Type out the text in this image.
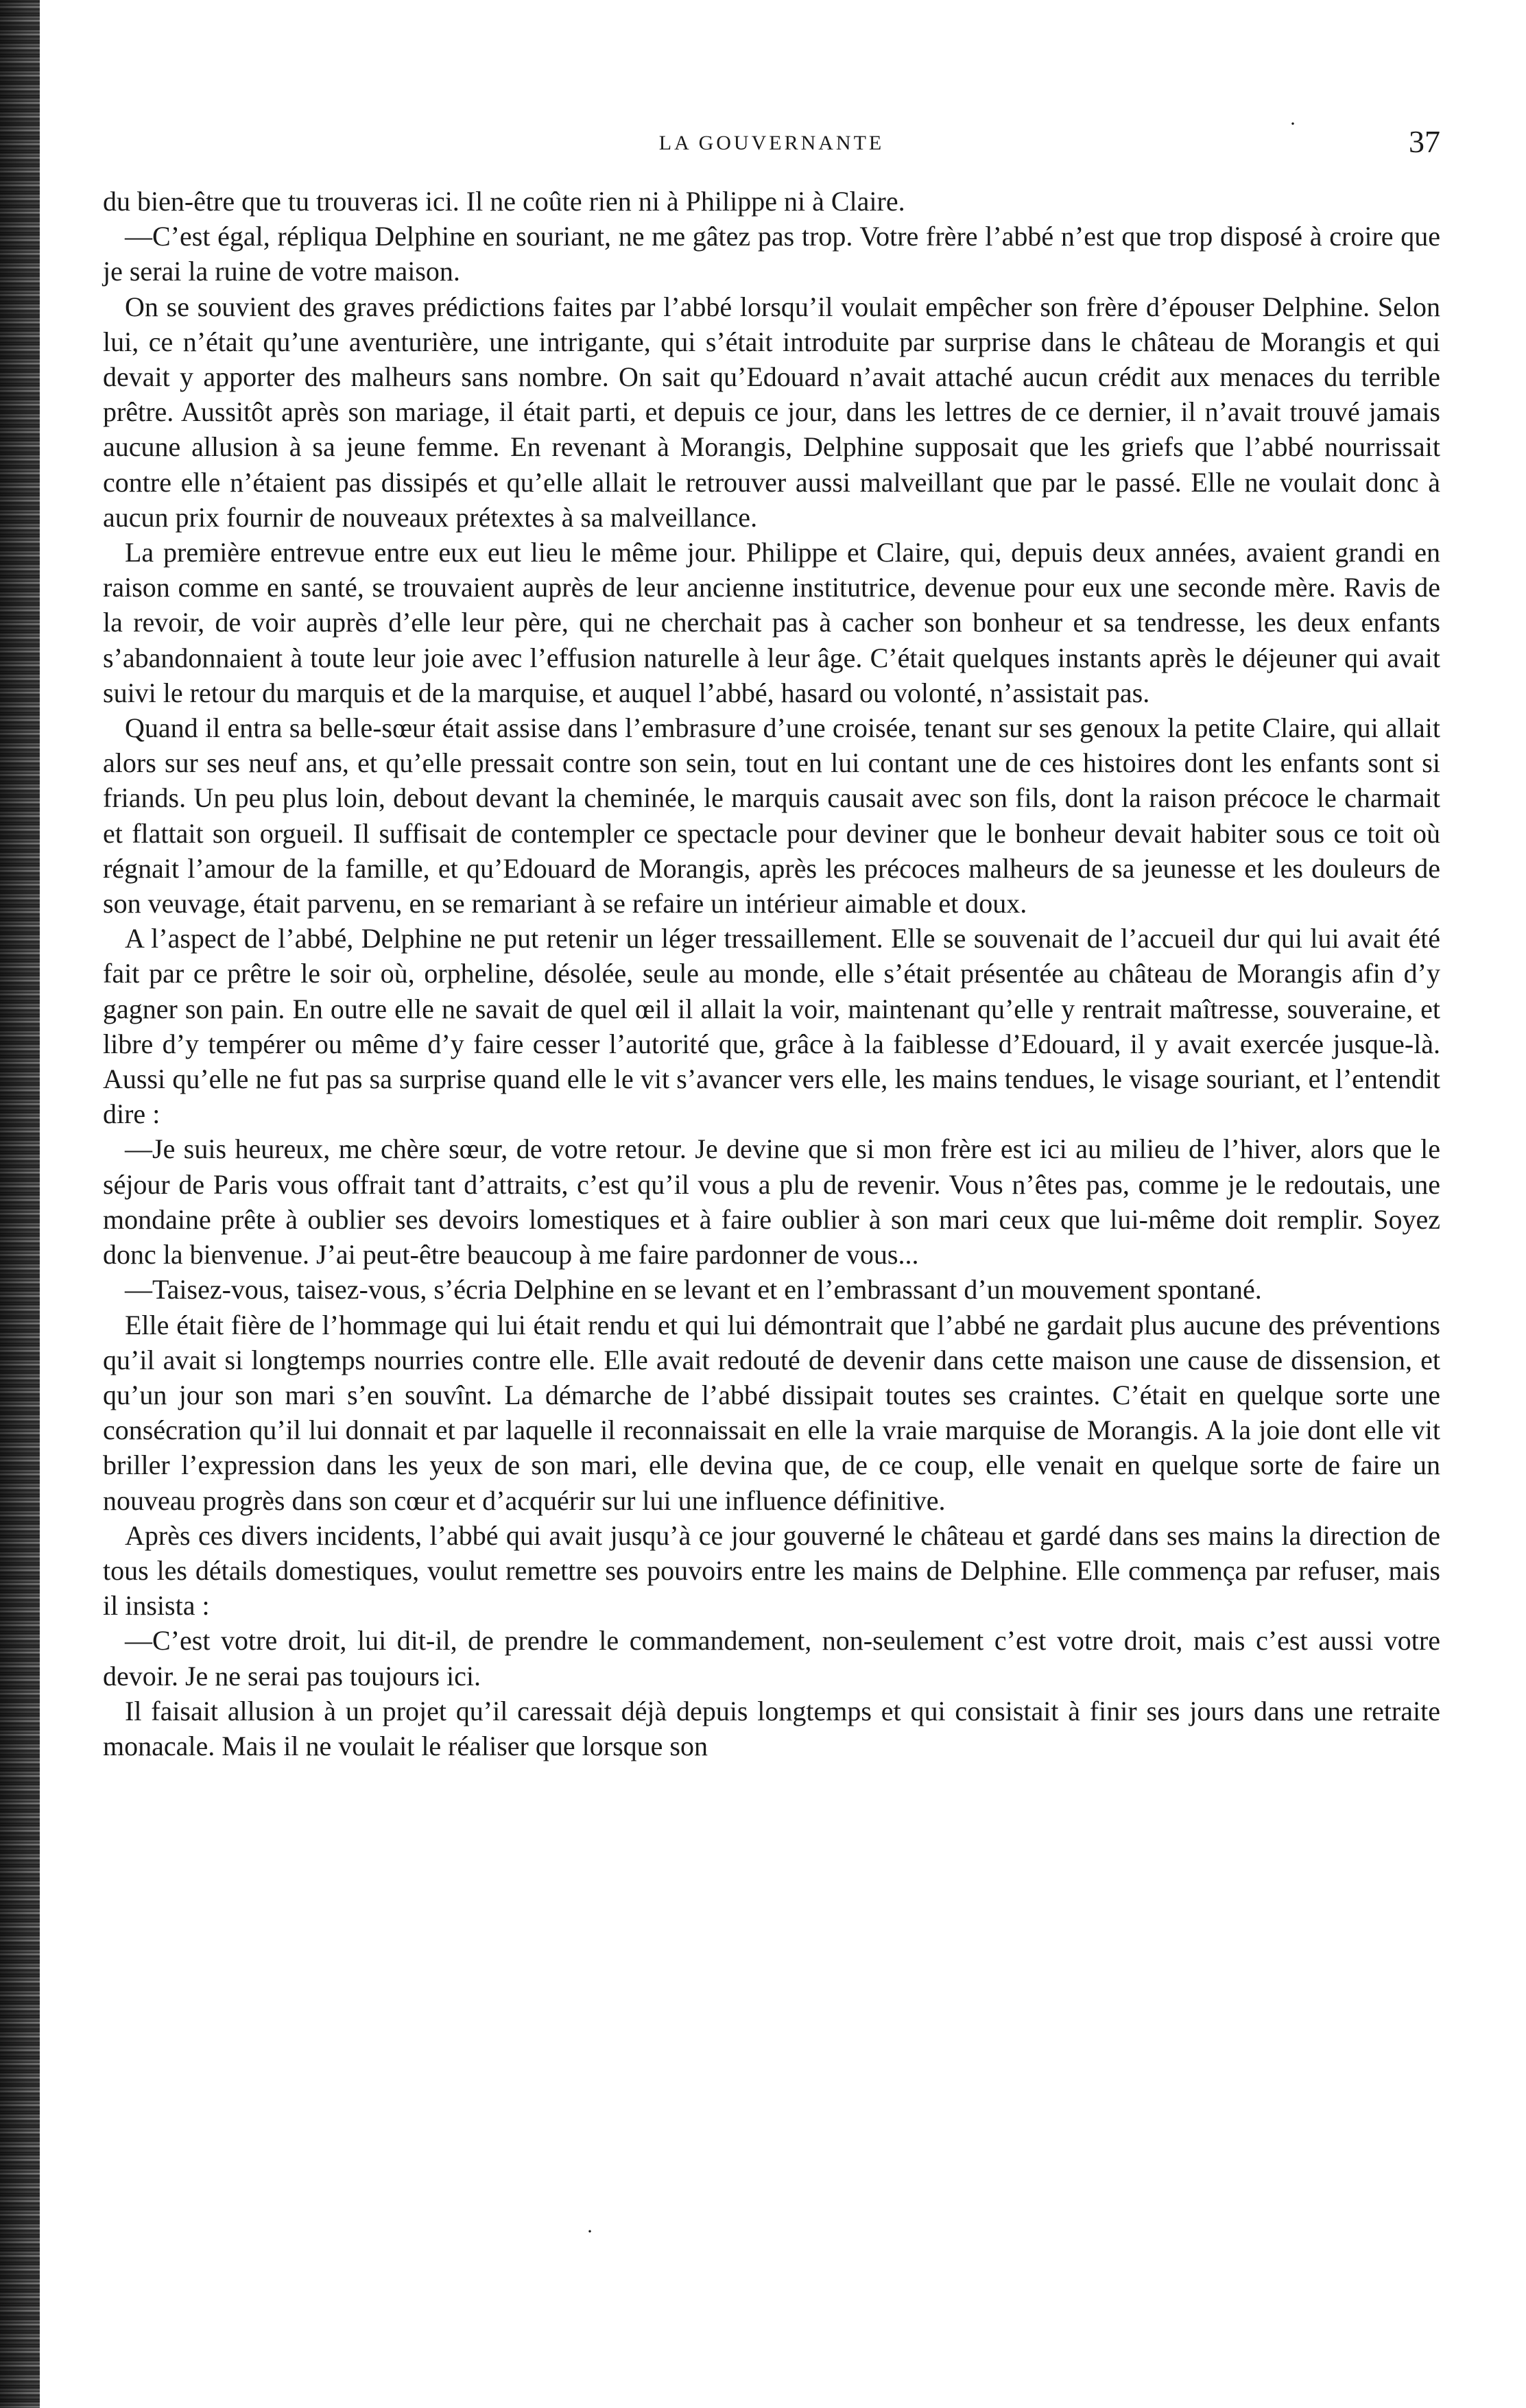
LA GOUVERNANTE	37
·

du bien-être que tu trouveras ici. Il ne coûte rien ni à Philippe ni à Claire.

—C’est égal, répliqua Delphine en souriant, ne me gâtez pas trop. Votre frère l’abbé n’est que trop disposé à croire que je serai la ruine de votre maison.

On se souvient des graves prédictions faites par l’abbé lorsqu’il voulait empêcher son frère d’épouser Delphine. Selon lui, ce n’était qu’une aventurière, une intrigante, qui s’était introduite par surprise dans le château de Morangis et qui devait y apporter des malheurs sans nombre. On sait qu’Edouard n’avait attaché aucun crédit aux menaces du terrible prêtre. Aussitôt après son mariage, il était parti, et depuis ce jour, dans les lettres de ce dernier, il n’avait trouvé jamais aucune allusion à sa jeune femme. En revenant à Morangis, Delphine supposait que les griefs que l’abbé nourrissait contre elle n’étaient pas dissipés et qu’elle allait le retrouver aussi malveillant que par le passé. Elle ne voulait donc à aucun prix fournir de nouveaux prétextes à sa malveillance.

La première entrevue entre eux eut lieu le même jour. Philippe et Claire, qui, depuis deux années, avaient grandi en raison comme en santé, se trouvaient auprès de leur ancienne institutrice, devenue pour eux une seconde mère. Ravis de la revoir, de voir auprès d’elle leur père, qui ne cherchait pas à cacher son bonheur et sa tendresse, les deux enfants s’abandonnaient à toute leur joie avec l’effusion naturelle à leur âge. C’était quelques instants après le déjeuner qui avait suivi le retour du marquis et de la marquise, et auquel l’abbé, hasard ou volonté, n’assistait pas.

Quand il entra sa belle-sœur était assise dans l’embrasure d’une croisée, tenant sur ses genoux la petite Claire, qui allait alors sur ses neuf ans, et qu’elle pressait contre son sein, tout en lui contant une de ces histoires dont les enfants sont si friands. Un peu plus loin, debout devant la cheminée, le marquis causait avec son fils, dont la raison précoce le charmait et flattait son orgueil. Il suffisait de contempler ce spectacle pour deviner que le bonheur devait habiter sous ce toit où régnait l’amour de la famille, et qu’Edouard de Morangis, après les précoces malheurs de sa jeunesse et les douleurs de son veuvage, était parvenu, en se remariant à se refaire un intérieur aimable et doux.

A l’aspect de l’abbé, Delphine ne put retenir un léger tressaillement. Elle se souvenait de l’accueil dur qui lui avait été fait par ce prêtre le soir où, orpheline, désolée, seule au monde, elle s’était présentée au château de Morangis afin d’y gagner son pain. En outre elle ne savait de quel œil il allait la voir, maintenant qu’elle y rentrait maîtresse, souveraine, et libre d’y tempérer ou même d’y faire cesser l’autorité que, grâce à la faiblesse d’Edouard, il y avait exercée jusque-là. Aussi qu’elle ne fut pas sa surprise quand elle le vit s’avancer vers elle, les mains tendues, le visage souriant, et l’entendit dire :

—Je suis heureux, me chère sœur, de votre retour. Je devine que si mon frère est ici au milieu de l’hiver, alors que le séjour de Paris vous offrait tant d’attraits, c’est qu’il vous a plu de revenir. Vous n’êtes pas, comme je le redoutais, une mondaine prête à oublier ses devoirs lomestiques et à faire oublier à son mari ceux que lui-même doit remplir. Soyez donc la bienvenue. J’ai peut-être beaucoup à me faire pardonner de vous...

—Taisez-vous, taisez-vous, s’écria Delphine en se levant et en l’embrassant d’un mouvement spontané.

Elle était fière de l’hommage qui lui était rendu et qui lui démontrait que l’abbé ne gardait plus aucune des préventions qu’il avait si longtemps nourries contre elle. Elle avait redouté de devenir dans cette maison une cause de dissension, et qu’un jour son mari s’en souvînt. La démarche de l’abbé dissipait toutes ses craintes. C’était en quelque sorte une consécration qu’il lui donnait et par laquelle il reconnaissait en elle la vraie marquise de Morangis. A la joie dont elle vit briller l’expression dans les yeux de son mari, elle devina que, de ce coup, elle venait en quelque sorte de faire un nouveau progrès dans son cœur et d’acquérir sur lui une influence définitive.

Après ces divers incidents, l’abbé qui avait jusqu’à ce jour gouverné le château et gardé dans ses mains la direction de tous les détails domestiques, voulut remettre ses pouvoirs entre les mains de Delphine. Elle commença par refuser, mais il insista :

—C’est votre droit, lui dit-il, de prendre le commandement, non-seulement c’est votre droit, mais c’est aussi votre devoir. Je ne serai pas toujours ici.

Il faisait allusion à un projet qu’il caressait déjà depuis longtemps et qui consistait à finir ses jours dans une retraite monacale. Mais il ne voulait le réaliser que lorsque son

·
